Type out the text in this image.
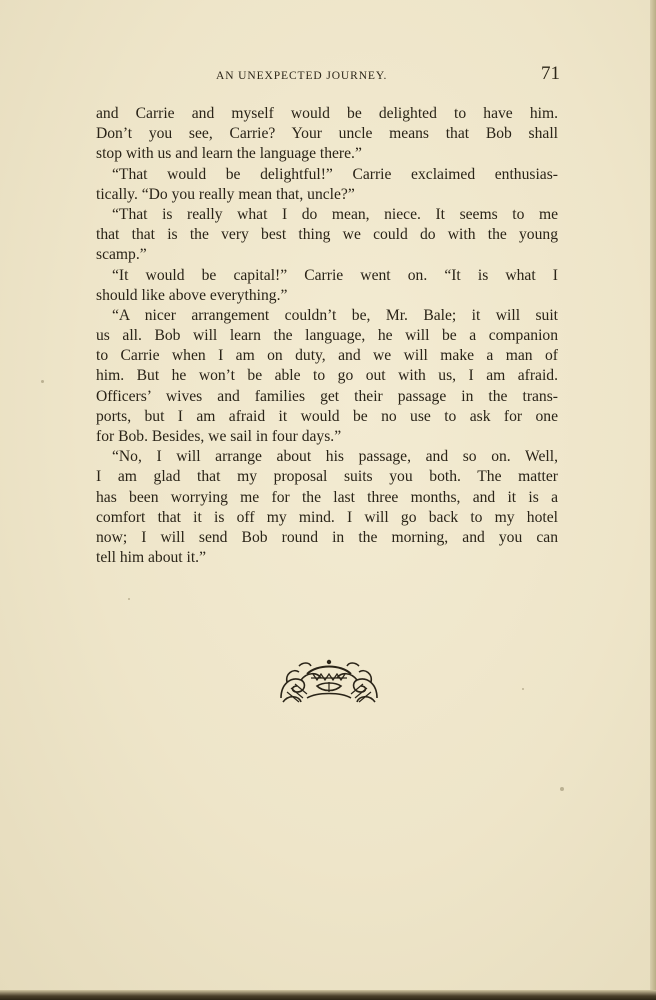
AN UNEXPECTED JOURNEY.	71
and Carrie and myself would be delighted to have him.
Don’t you see, Carrie? Your uncle means that Bob shall
stop with us and learn the language there.”
“That would be delightful!” Carrie exclaimed enthusias-
tically. “Do you really mean that, uncle?”
“That is really what I do mean, niece. It seems to me
that that is the very best thing we could do with the young
scamp.”
“It would be capital!” Carrie went on. “It is what I
should like above everything.”
“A nicer arrangement couldn’t be, Mr. Bale; it will suit
us all. Bob will learn the language, he will be a companion
to Carrie when I am on duty, and we will make a man of
him. But he won’t be able to go out with us, I am afraid.
Officers’ wives and families get their passage in the trans-
ports, but I am afraid it would be no use to ask for one
for Bob. Besides, we sail in four days.”
“No, I will arrange about his passage, and so on. Well,
I am glad that my proposal suits you both. The matter
has been worrying me for the last three months, and it is a
comfort that it is off my mind. I will go back to my hotel
now; I will send Bob round in the morning, and you can
tell him about it.”
